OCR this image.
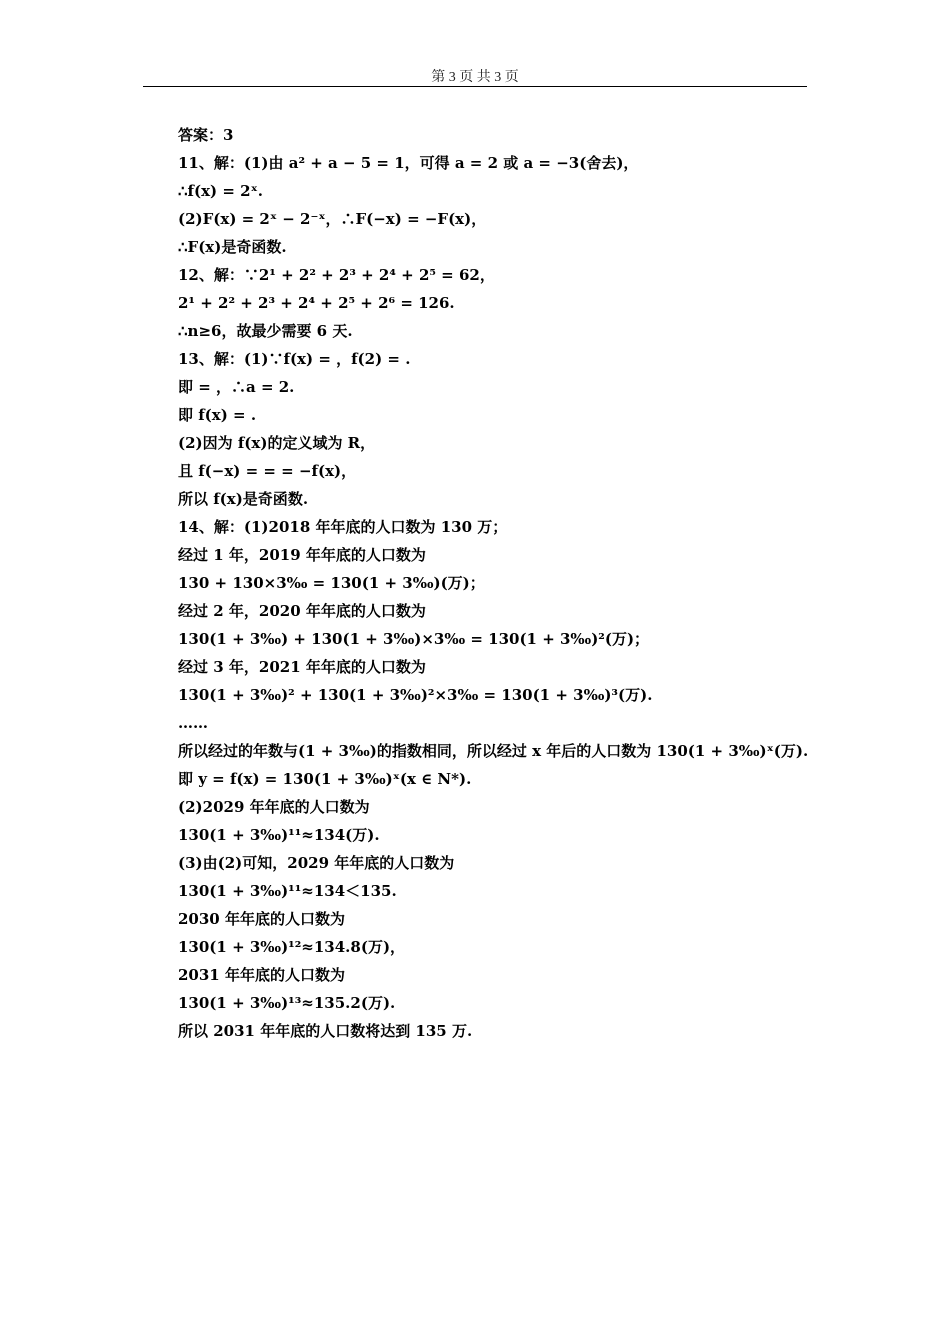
第 3 页 共 3 页
答案：3
11、解：(1)由 a² + a − 5 = 1，可得 a = 2 或 a = −3(舍去)，
∴f(x) = 2ˣ.
(2)F(x) = 2ˣ − 2⁻ˣ，∴F(−x) = −F(x)，
∴F(x)是奇函数.
12、解：∵2¹ + 2² + 2³ + 2⁴ + 2⁵ = 62，
2¹ + 2² + 2³ + 2⁴ + 2⁵ + 2⁶ = 126.
∴n≥6，故最少需要 6 天.
13、解：(1)∵f(x) = ，f(2) = .
即 = ，∴a = 2.
即 f(x) = .
(2)因为 f(x)的定义域为 R，
且 f(−x) = = = −f(x)，
所以 f(x)是奇函数.
14、解：(1)2018 年年底的人口数为 130 万；
经过 1 年，2019 年年底的人口数为
130 + 130×3‰ = 130(1 + 3‰)(万)；
经过 2 年，2020 年年底的人口数为
130(1 + 3‰) + 130(1 + 3‰)×3‰ = 130(1 + 3‰)²(万)；
经过 3 年，2021 年年底的人口数为
130(1 + 3‰)² + 130(1 + 3‰)²×3‰ = 130(1 + 3‰)³(万).
……
所以经过的年数与(1 + 3‰)的指数相同，所以经过 x 年后的人口数为 130(1 + 3‰)ˣ(万).
即 y = f(x) = 130(1 + 3‰)ˣ(x ∈ N*).
(2)2029 年年底的人口数为
130(1 + 3‰)¹¹≈134(万).
(3)由(2)可知，2029 年年底的人口数为
130(1 + 3‰)¹¹≈134＜135.
2030 年年底的人口数为
130(1 + 3‰)¹²≈134.8(万)，
2031 年年底的人口数为
130(1 + 3‰)¹³≈135.2(万).
所以 2031 年年底的人口数将达到 135 万.
